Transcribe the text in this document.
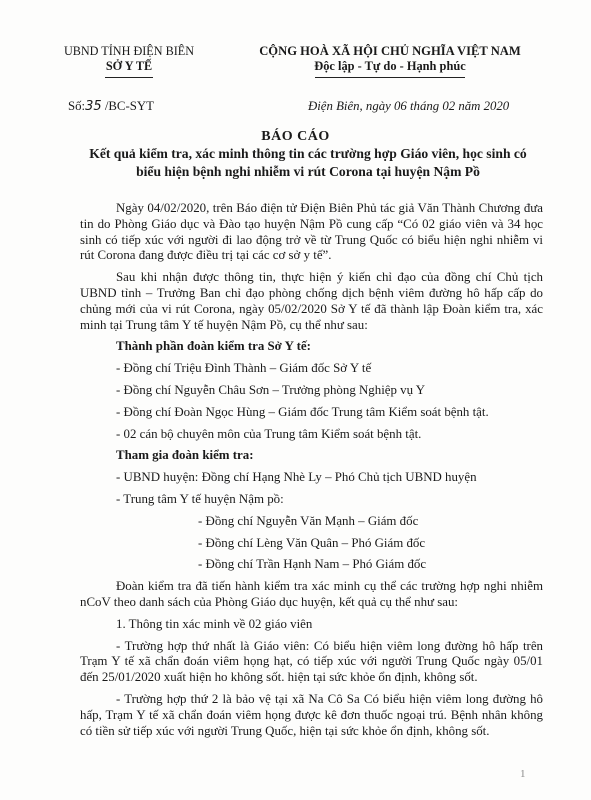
UBND TỈNH ĐIỆN BIÊN
SỞ Y TẾ
CỘNG HOÀ XÃ HỘI CHỦ NGHĨA VIỆT NAM
Độc lập - Tự do - Hạnh phúc
Số:35 /BC-SYT	Điện Biên, ngày 06 tháng 02 năm 2020
BÁO CÁO
Kết quả kiểm tra, xác minh thông tin các trường hợp Giáo viên, học sinh có
biểu hiện bệnh nghi nhiễm vi rút Corona tại huyện Nậm Pồ

Ngày 04/02/2020, trên Báo điện tử Điện Biên Phủ tác giả Văn Thành Chương đưa tin do Phòng Giáo dục và Đào tạo huyện Nậm Pồ cung cấp “Có 02 giáo viên và 34 học sinh có tiếp xúc với người đi lao động trở về từ Trung Quốc có biểu hiện nghi nhiễm vi rút Corona đang được điều trị tại các cơ sở y tế”.

Sau khi nhận được thông tin, thực hiện ý kiến chỉ đạo của đồng chí Chủ tịch UBND tỉnh – Trưởng Ban chỉ đạo phòng chống dịch bệnh viêm đường hô hấp cấp do chủng mới của vi rút Corona, ngày 05/02/2020 Sở Y tế đã thành lập Đoàn kiểm tra, xác minh tại Trung tâm Y tế huyện Nậm Pồ, cụ thể như sau:

Thành phần đoàn kiểm tra Sở Y tế:

- Đồng chí Triệu Đình Thành – Giám đốc Sở Y tế

- Đồng chí Nguyễn Châu Sơn – Trưởng phòng Nghiệp vụ Y

- Đồng chí Đoàn Ngọc Hùng – Giám đốc Trung tâm Kiểm soát bệnh tật.

- 02 cán bộ chuyên môn của Trung tâm Kiểm soát bệnh tật.

Tham gia đoàn kiểm tra:

- UBND huyện: Đồng chí Hạng Nhè Ly – Phó Chủ tịch UBND huyện

- Trung tâm Y tế huyện Nậm pồ:

- Đồng chí Nguyễn Văn Mạnh – Giám đốc

- Đồng chí Lèng Văn Quân – Phó Giám đốc

- Đồng chí Trần Hạnh Nam – Phó Giám đốc

Đoàn kiểm tra đã tiến hành kiểm tra xác minh cụ thể các trường hợp nghi nhiễm nCoV theo danh sách của Phòng Giáo dục huyện, kết quả cụ thể như sau:

1. Thông tin xác minh về 02 giáo viên

- Trường hợp thứ nhất là Giáo viên: Có biểu hiện viêm long đường hô hấp trên Trạm Y tế xã chẩn đoán viêm họng hạt, có tiếp xúc với người Trung Quốc ngày 05/01 đến 25/01/2020 xuất hiện ho không sốt. hiện tại sức khỏe ổn định, không sốt.

- Trường hợp thứ 2 là bảo vệ tại xã Na Cô Sa Có biểu hiện viêm long đường hô hấp, Trạm Y tế xã chẩn đoán viêm họng được kê đơn thuốc ngoại trú. Bệnh nhân không có tiền sử tiếp xúc với người Trung Quốc, hiện tại sức khỏe ổn định, không sốt.

1
